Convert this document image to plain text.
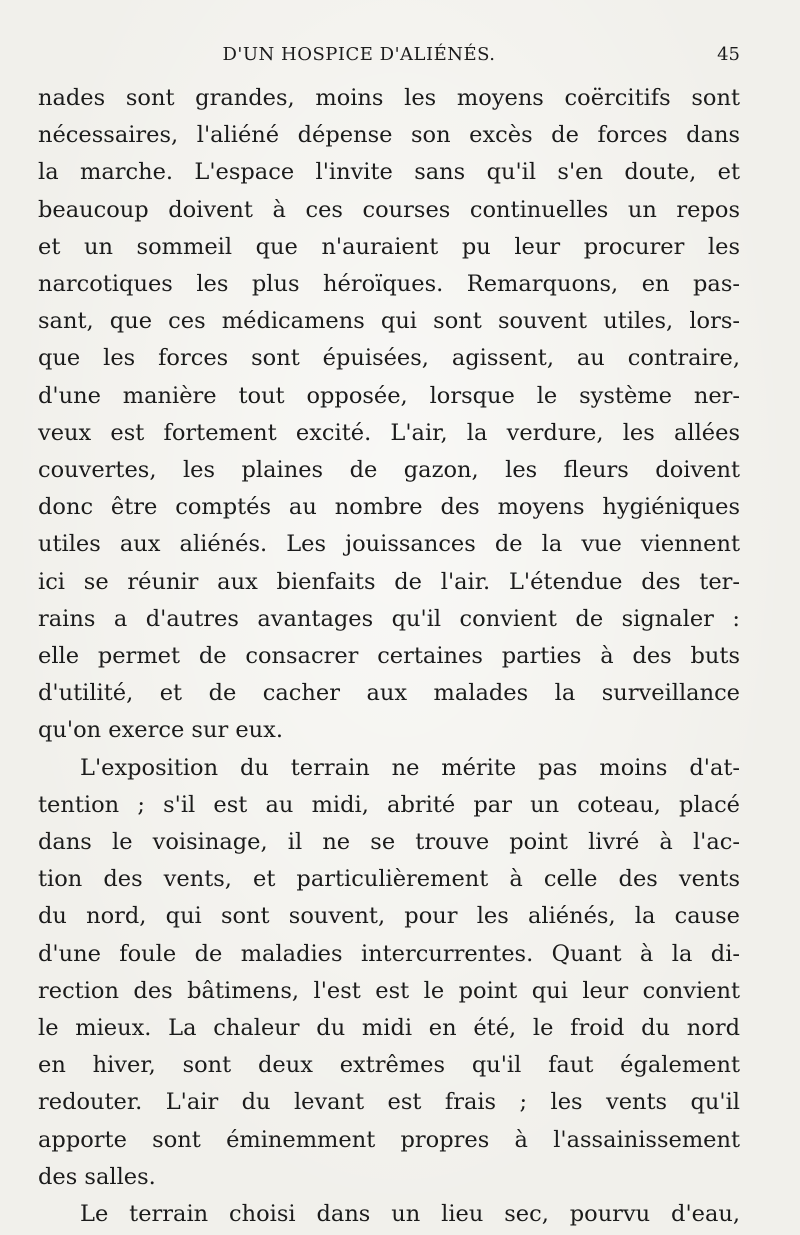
D'UN HOSPICE D'ALIÉNÉS.	45
nades sont grandes, moins les moyens coërcitifs sont
nécessaires, l'aliéné dépense son excès de forces dans
la marche. L'espace l'invite sans qu'il s'en doute, et
beaucoup doivent à ces courses continuelles un repos
et un sommeil que n'auraient pu leur procurer les
narcotiques les plus héroïques. Remarquons, en pas-
sant, que ces médicamens qui sont souvent utiles, lors-
que les forces sont épuisées, agissent, au contraire,
d'une manière tout opposée, lorsque le système ner-
veux est fortement excité. L'air, la verdure, les allées
couvertes, les plaines de gazon, les fleurs doivent
donc être comptés au nombre des moyens hygiéniques
utiles aux aliénés. Les jouissances de la vue viennent
ici se réunir aux bienfaits de l'air. L'étendue des ter-
rains a d'autres avantages qu'il convient de signaler :
elle permet de consacrer certaines parties à des buts
d'utilité, et de cacher aux malades la surveillance
qu'on exerce sur eux.
L'exposition du terrain ne mérite pas moins d'at-
tention ; s'il est au midi, abrité par un coteau, placé
dans le voisinage, il ne se trouve point livré à l'ac-
tion des vents, et particulièrement à celle des vents
du nord, qui sont souvent, pour les aliénés, la cause
d'une foule de maladies intercurrentes. Quant à la di-
rection des bâtimens, l'est est le point qui leur convient
le mieux. La chaleur du midi en été, le froid du nord
en hiver, sont deux extrêmes qu'il faut également
redouter. L'air du levant est frais ; les vents qu'il
apporte sont éminemment propres à l'assainissement
des salles.
Le terrain choisi dans un lieu sec, pourvu d'eau,
